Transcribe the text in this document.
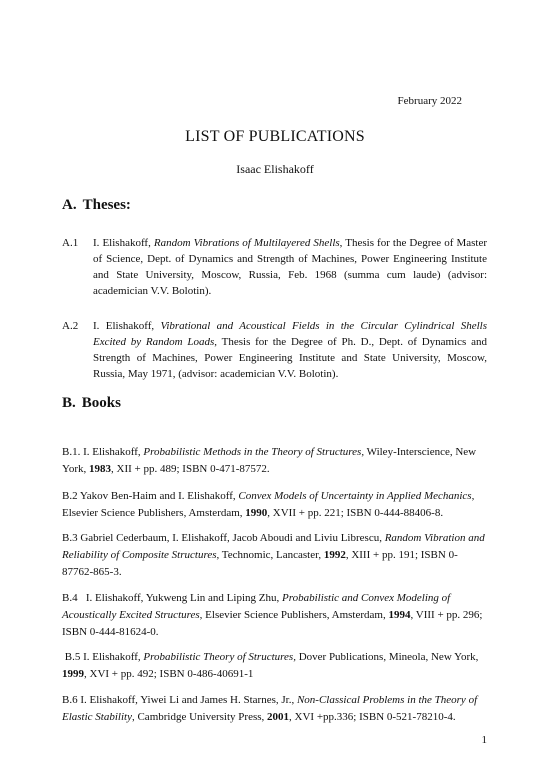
February 2022
LIST OF PUBLICATIONS
Isaac Elishakoff
A. Theses:
A.1	I. Elishakoff, Random Vibrations of Multilayered Shells, Thesis for the Degree of Master of Science, Dept. of Dynamics and Strength of Machines, Power Engineering Institute and State University, Moscow, Russia, Feb. 1968 (summa cum laude) (advisor: academician V.V. Bolotin).
A.2	I. Elishakoff, Vibrational and Acoustical Fields in the Circular Cylindrical Shells Excited by Random Loads, Thesis for the Degree of Ph. D., Dept. of Dynamics and Strength of Machines, Power Engineering Institute and State University, Moscow, Russia, May 1971, (advisor: academician V.V. Bolotin).
B. Books
B.1. I. Elishakoff, Probabilistic Methods in the Theory of Structures, Wiley-Interscience, New York, 1983, XII + pp. 489; ISBN 0-471-87572.
B.2 Yakov Ben-Haim and I. Elishakoff, Convex Models of Uncertainty in Applied Mechanics, Elsevier Science Publishers, Amsterdam, 1990, XVII + pp. 221; ISBN 0-444-88406-8.
B.3 Gabriel Cederbaum, I. Elishakoff, Jacob Aboudi and Liviu Librescu, Random Vibration and Reliability of Composite Structures, Technomic, Lancaster, 1992, XIII + pp. 191; ISBN 0-87762-865-3.
B.4   I. Elishakoff, Yukweng Lin and Liping Zhu, Probabilistic and Convex Modeling of Acoustically Excited Structures, Elsevier Science Publishers, Amsterdam, 1994, VIII + pp. 296; ISBN 0-444-81624-0.
B.5 I. Elishakoff, Probabilistic Theory of Structures, Dover Publications, Mineola, New York, 1999, XVI + pp. 492; ISBN 0-486-40691-1
B.6 I. Elishakoff, Yiwei Li and James H. Starnes, Jr., Non-Classical Problems in the Theory of Elastic Stability, Cambridge University Press, 2001, XVI +pp.336; ISBN 0-521-78210-4.
1
